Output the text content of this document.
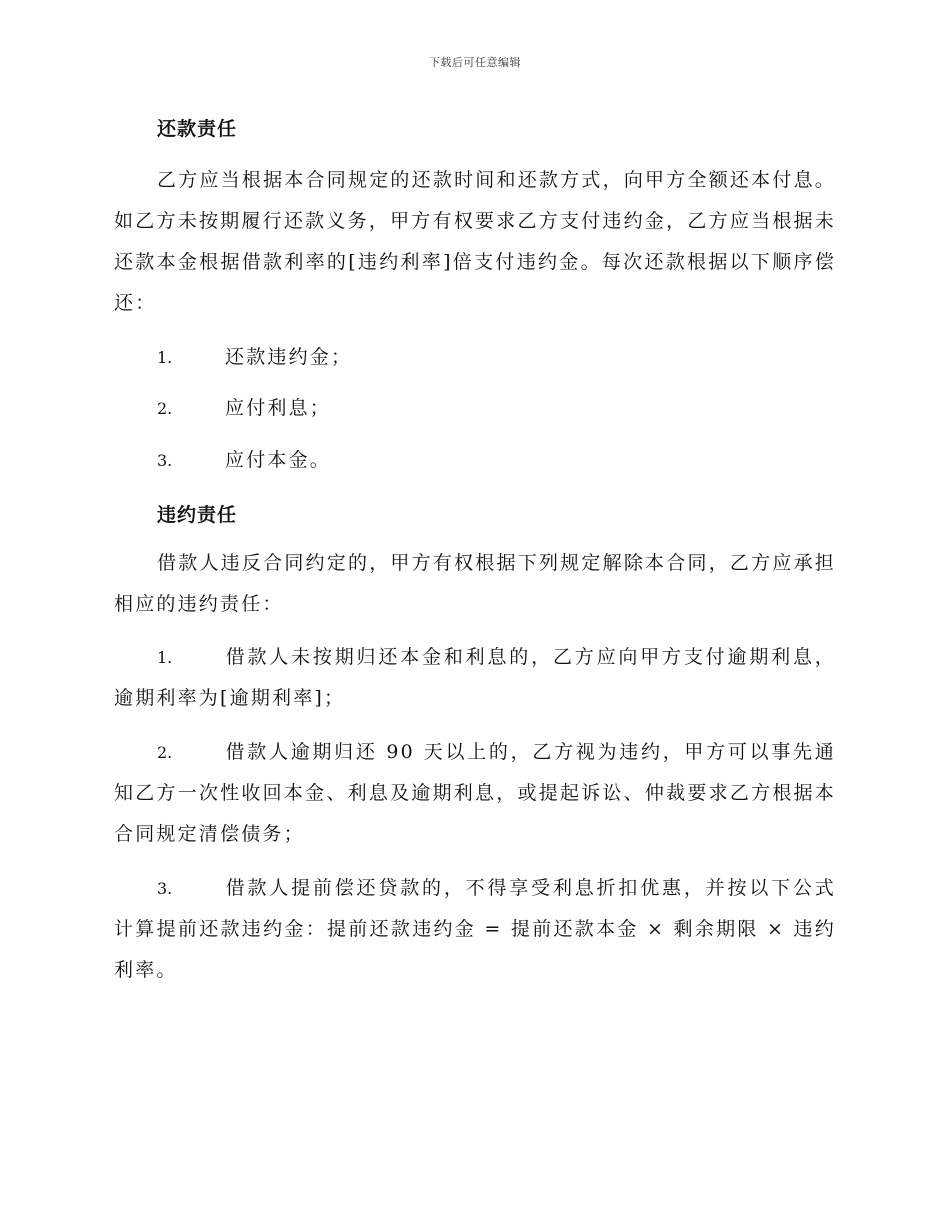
下载后可任意编辑
还款责任
乙方应当根据本合同规定的还款时间和还款方式，向甲方全额还本付息。如乙方未按期履行还款义务，甲方有权要求乙方支付违约金，乙方应当根据未还款本金根据借款利率的[违约利率]倍支付违约金。每次还款根据以下顺序偿还：
1.	还款违约金；
2.	应付利息；
3.	应付本金。
违约责任
借款人违反合同约定的，甲方有权根据下列规定解除本合同，乙方应承担相应的违约责任：
1.	借款人未按期归还本金和利息的，乙方应向甲方支付逾期利息，逾期利率为[逾期利率]；
2.	借款人逾期归还 90 天以上的，乙方视为违约，甲方可以事先通知乙方一次性收回本金、利息及逾期利息，或提起诉讼、仲裁要求乙方根据本合同规定清偿债务；
3.	借款人提前偿还贷款的，不得享受利息折扣优惠，并按以下公式计算提前还款违约金：提前还款违约金 = 提前还款本金 × 剩余期限 × 违约利率。
